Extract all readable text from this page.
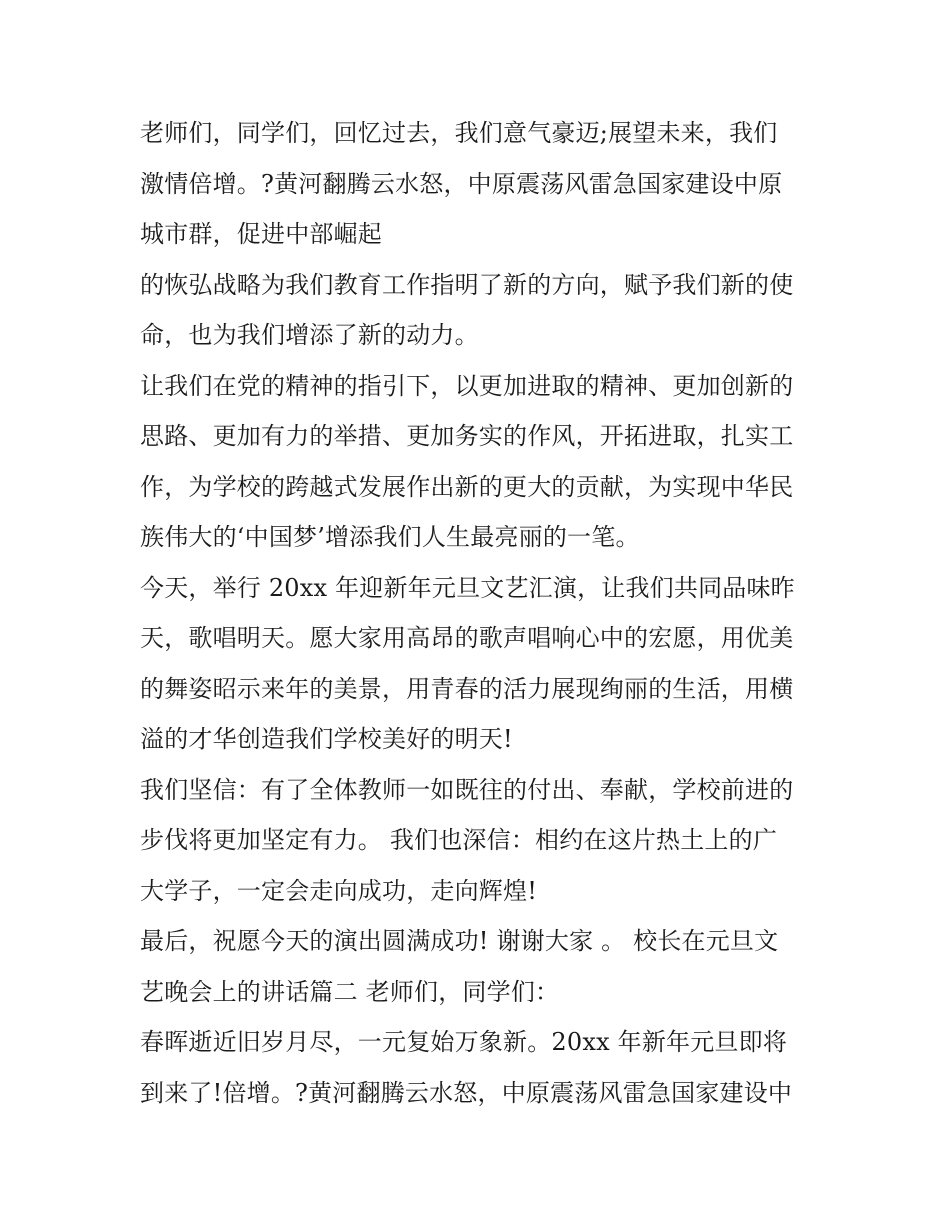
老师们，同学们，回忆过去，我们意气豪迈;展望未来，我们
激情倍增。?黄河翻腾云水怒，中原震荡风雷急国家建设中原
城市群，促进中部崛起
的恢弘战略为我们教育工作指明了新的方向，赋予我们新的使
命，也为我们增添了新的动力。
让我们在党的精神的指引下，以更加进取的精神、更加创新的
思路、更加有力的举措、更加务实的作风，开拓进取，扎实工
作，为学校的跨越式发展作出新的更大的贡献，为实现中华民
族伟大的‘中国梦’增添我们人生最亮丽的一笔。
今天，举行 20xx 年迎新年元旦文艺汇演，让我们共同品味昨
天，歌唱明天。愿大家用高昂的歌声唱响心中的宏愿，用优美
的舞姿昭示来年的美景，用青春的活力展现绚丽的生活，用横
溢的才华创造我们学校美好的明天!
我们坚信：有了全体教师一如既往的付出、奉献，学校前进的
步伐将更加坚定有力。 我们也深信：相约在这片热土上的广
大学子，一定会走向成功，走向辉煌!
最后，祝愿今天的演出圆满成功! 谢谢大家 。 校长在元旦文
艺晚会上的讲话篇二 老师们，同学们：
春晖逝近旧岁月尽，一元复始万象新。20xx 年新年元旦即将
到来了!倍增。?黄河翻腾云水怒，中原震荡风雷急国家建设中
